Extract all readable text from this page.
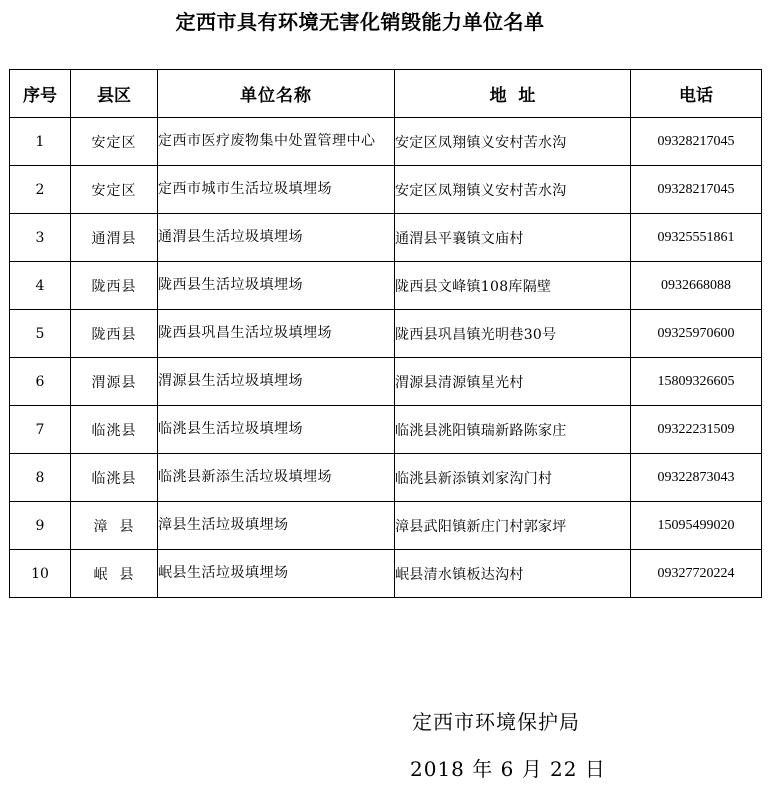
定西市具有环境无害化销毁能力单位名单
序号	县区	单位名称	地  址	电话
1	安定区	定西市医疗废物集中处置管理中心	安定区凤翔镇义安村苦水沟	09328217045
2	安定区	定西市城市生活垃圾填埋场	安定区凤翔镇义安村苦水沟	09328217045
3	通渭县	通渭县生活垃圾填埋场	通渭县平襄镇文庙村	09325551861
4	陇西县	陇西县生活垃圾填埋场	陇西县文峰镇108库隔壁	0932668088
5	陇西县	陇西县巩昌生活垃圾填埋场	陇西县巩昌镇光明巷30号	09325970600
6	渭源县	渭源县生活垃圾填埋场	渭源县清源镇星光村	15809326605
7	临洮县	临洮县生活垃圾填埋场	临洮县洮阳镇瑞新路陈家庄	09322231509
8	临洮县	临洮县新添生活垃圾填埋场	临洮县新添镇刘家沟门村	09322873043
9	漳  县	漳县生活垃圾填埋场	漳县武阳镇新庄门村郭家坪	15095499020
10	岷  县	岷县生活垃圾填埋场	岷县清水镇板达沟村	09327720224
定西市环境保护局
2018 年 6 月 22 日
